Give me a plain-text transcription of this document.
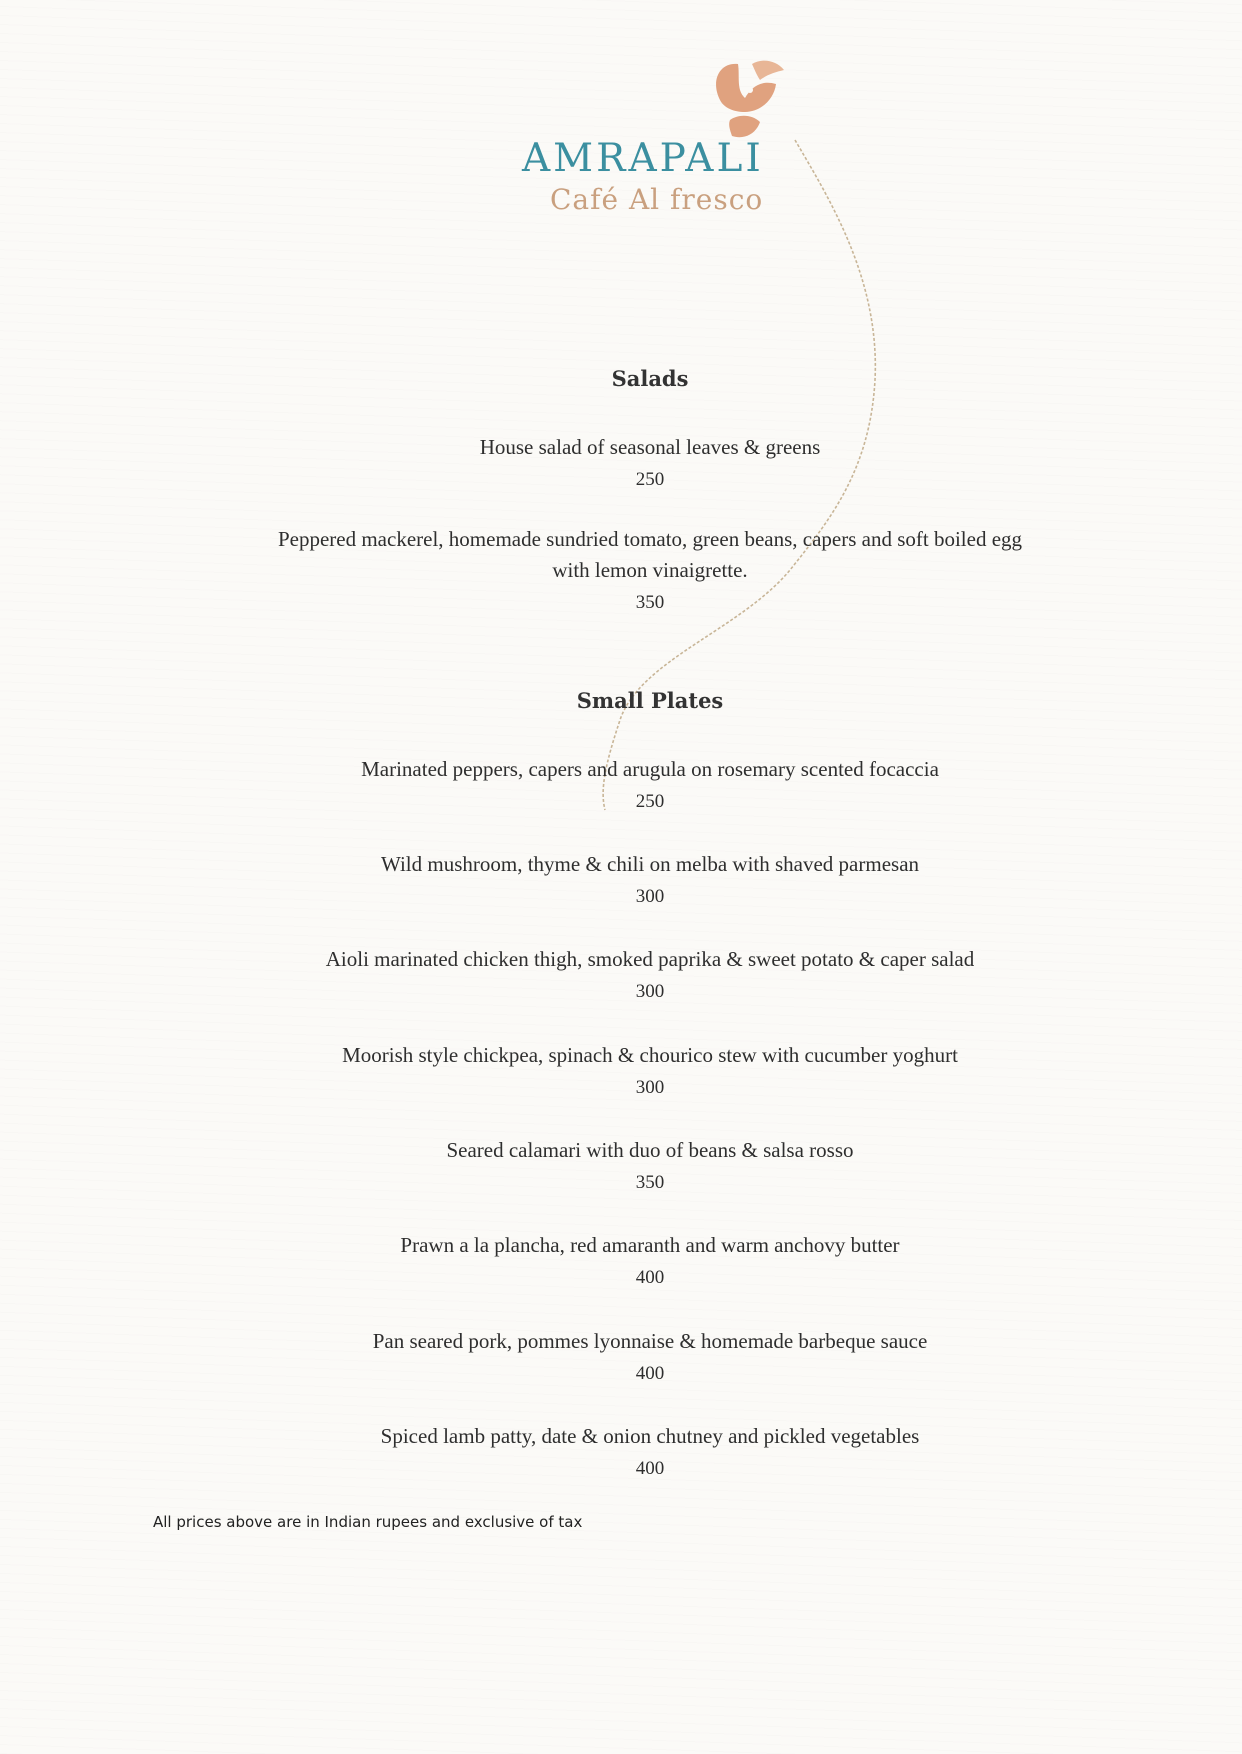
AMRAPALI
Café Al fresco
Salads
House salad of seasonal leaves & greens
250
Peppered mackerel, homemade sundried tomato, green beans, capers and soft boiled egg
with lemon vinaigrette.
350
Small Plates
Marinated peppers, capers and arugula on rosemary scented focaccia
250
Wild mushroom, thyme & chili on melba with shaved parmesan
300
Aioli marinated chicken thigh, smoked paprika & sweet potato & caper salad
300
Moorish style chickpea, spinach & chourico stew with cucumber yoghurt
300
Seared calamari with duo of beans & salsa rosso
350
Prawn a la plancha, red amaranth and warm anchovy butter
400
Pan seared pork, pommes lyonnaise & homemade barbeque sauce
400
Spiced lamb patty, date & onion chutney and pickled vegetables
400
All prices above are in Indian rupees and exclusive of tax
